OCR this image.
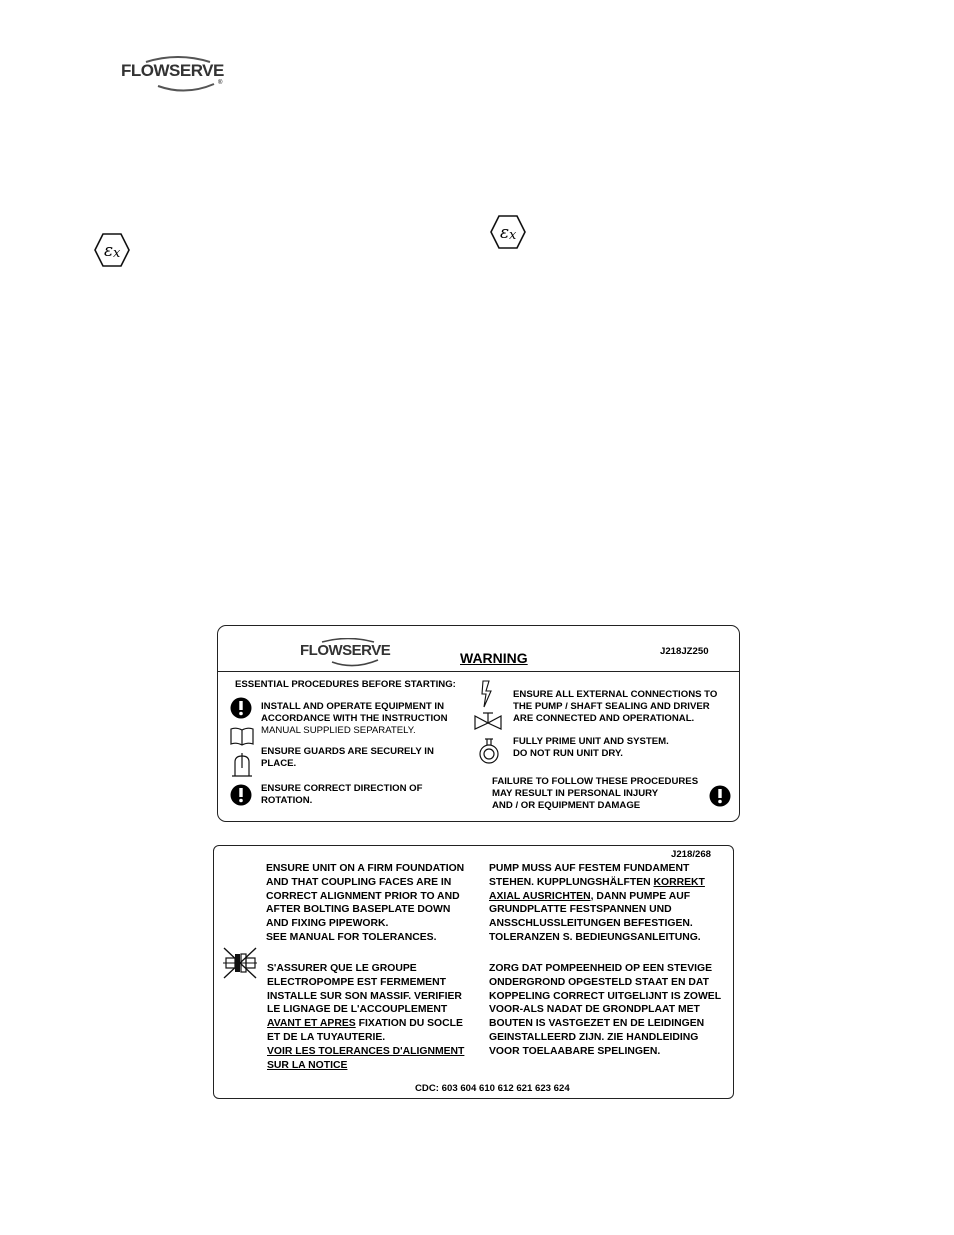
FLOWSERVE
®
ε x
ε x
FLOWSERVE	WARNING	J218JZ250
ESSENTIAL PROCEDURES BEFORE STARTING:
INSTALL AND OPERATE EQUIPMENT IN
ACCORDANCE WITH THE INSTRUCTION
MANUAL SUPPLIED SEPARATELY.
ENSURE GUARDS ARE SECURELY IN
PLACE.
ENSURE CORRECT DIRECTION OF
ROTATION.
ENSURE ALL EXTERNAL CONNECTIONS TO
THE PUMP / SHAFT SEALING AND DRIVER
ARE CONNECTED AND OPERATIONAL.
FULLY PRIME UNIT AND SYSTEM.
DO NOT RUN UNIT DRY.
FAILURE TO FOLLOW THESE PROCEDURES
MAY RESULT IN PERSONAL INJURY
AND / OR EQUIPMENT DAMAGE
J218/268
ENSURE UNIT ON A FIRM FOUNDATION
AND THAT COUPLING FACES ARE IN
CORRECT ALIGNMENT PRIOR TO AND
AFTER BOLTING BASEPLATE DOWN
AND FIXING PIPEWORK.
SEE MANUAL FOR TOLERANCES.
PUMP MUSS AUF FESTEM FUNDAMENT
STEHEN. KUPPLUNGSHÄLFTEN KORREKT
AXIAL AUSRICHTEN, DANN PUMPE AUF
GRUNDPLATTE FESTSPANNEN UND
ANSSCHLUSSLEITUNGEN BEFESTIGEN.
TOLERANZEN S. BEDIEUNGSANLEITUNG.
S'ASSURER QUE LE GROUPE
ELECTROPOMPE EST FERMEMENT
INSTALLE SUR SON MASSIF. VERIFIER
LE LIGNAGE DE L'ACCOUPLEMENT
AVANT ET APRES FIXATION DU SOCLE
ET DE LA TUYAUTERIE.
VOIR LES TOLERANCES D'ALIGNMENT
SUR LA NOTICE
ZORG DAT POMPEENHEID OP EEN STEVIGE
ONDERGROND OPGESTELD STAAT EN DAT
KOPPELING CORRECT UITGELIJNT IS ZOWEL
VOOR-ALS NADAT DE GRONDPLAAT MET
BOUTEN IS VASTGEZET EN DE LEIDINGEN
GEINSTALLEERD ZIJN. ZIE HANDLEIDING
VOOR TOELAABARE SPELINGEN.
CDC: 603 604 610 612 621 623 624
